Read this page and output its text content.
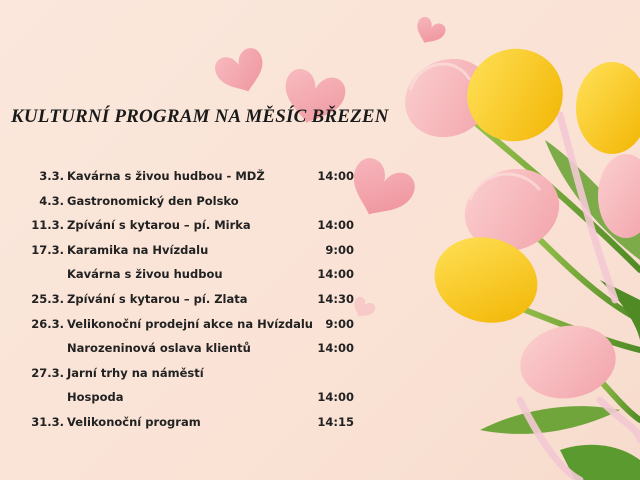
KULTURNÍ PROGRAM NA MĚSÍC BŘEZEN
3.3. Kavárna s živou hudbou - MDŽ	14:00
4.3. Gastronomický den Polsko
11.3. Zpívání s kytarou – pí. Mirka	14:00
17.3. Karamika na Hvízdalu	9:00
Kavárna s živou hudbou	14:00
25.3. Zpívání s kytarou – pí. Zlata	14:30
26.3. Velikonoční prodejní akce na Hvízdalu 9:00
Narozeninová oslava klientů	14:00
27.3. Jarní trhy na náměstí
Hospoda	14:00
31.3. Velikonoční program	14:15
